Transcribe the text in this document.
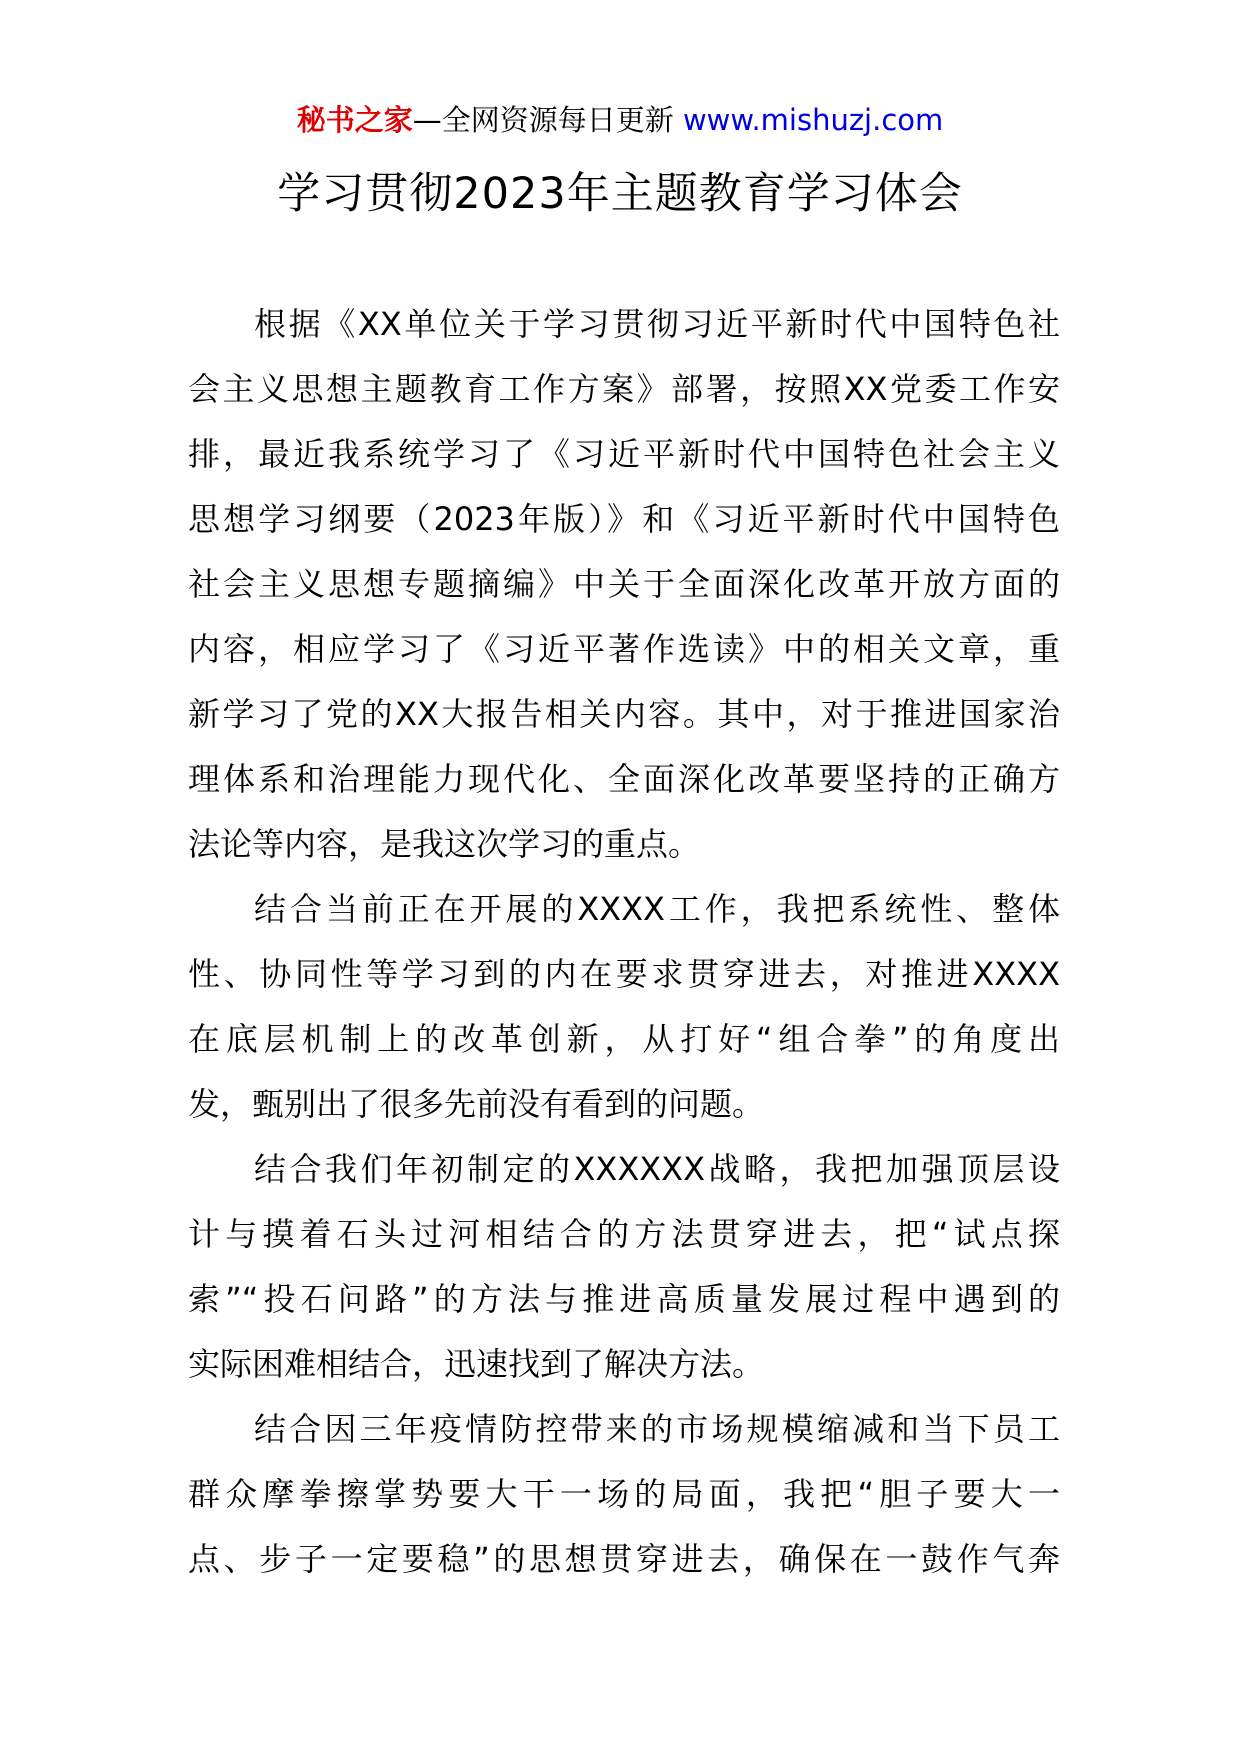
秘书之家—全网资源每日更新 www.mishuzj.com
学习贯彻2023年主题教育学习体会

根据《XX单位关于学习贯彻习近平新时代中国特色社
会主义思想主题教育工作方案》部署，按照XX党委工作安
排，最近我系统学习了《习近平新时代中国特色社会主义
思想学习纲要（2023年版）》和《习近平新时代中国特色
社会主义思想专题摘编》中关于全面深化改革开放方面的
内容，相应学习了《习近平著作选读》中的相关文章，重
新学习了党的XX大报告相关内容。其中，对于推进国家治
理体系和治理能力现代化、全面深化改革要坚持的正确方
法论等内容，是我这次学习的重点。

结合当前正在开展的XXXX工作，我把系统性、整体
性、协同性等学习到的内在要求贯穿进去，对推进XXXX
在底层机制上的改革创新，从打好“组合拳”的角度出
发，甄别出了很多先前没有看到的问题。

结合我们年初制定的XXXXXX战略，我把加强顶层设
计与摸着石头过河相结合的方法贯穿进去，把“试点探
索”“投石问路”的方法与推进高质量发展过程中遇到的
实际困难相结合，迅速找到了解决方法。

结合因三年疫情防控带来的市场规模缩减和当下员工
群众摩拳擦掌势要大干一场的局面，我把“胆子要大一
点、步子一定要稳”的思想贯穿进去，确保在一鼓作气奔
